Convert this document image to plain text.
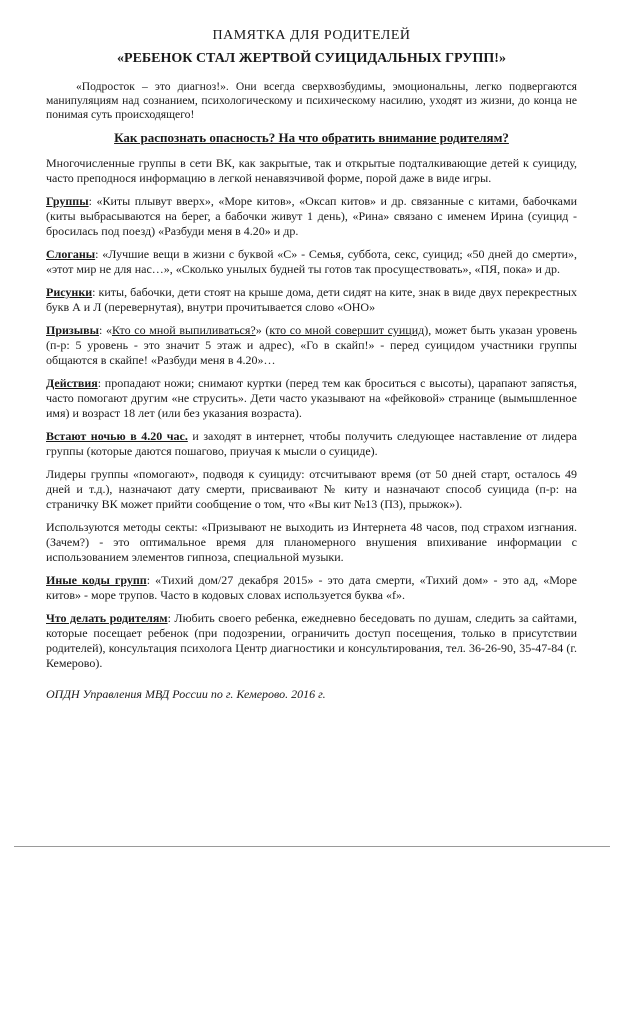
ПАМЯТКА ДЛЯ РОДИТЕЛЕЙ
«РЕБЕНОК СТАЛ ЖЕРТВОЙ СУИЦИДАЛЬНЫХ ГРУПП!»

«Подросток – это диагноз!». Они всегда сверхвозбудимы, эмоциональны, легко подвергаются манипуляциям над сознанием, психологическому и психическому насилию, уходят из жизни, до конца не понимая суть происходящего!

Как распознать опасность? На что обратить внимание родителям?

Многочисленные группы в сети ВК, как закрытые, так и открытые подталкивающие детей к суициду, часто преподнося информацию в легкой ненавязчивой форме, порой даже в виде игры.

Группы: «Киты плывут вверх», «Море китов», «Оксап китов» и др. связанные с китами, бабочками (киты выбрасываются на берег, а бабочки живут 1 день), «Рина» связано с именем Ирина (суицид - бросилась под поезд) «Разбуди меня в 4.20» и др.

Слоганы: «Лучшие вещи в жизни с буквой «С» - Семья, суббота, секс, суицид; «50 дней до смерти», «этот мир не для нас…», «Сколько унылых будней ты готов так просуществовать», «ПЯ, пока» и др.

Рисунки: киты, бабочки, дети стоят на крыше дома, дети сидят на ките, знак в виде двух перекрестных букв А и Л (перевернутая), внутри прочитывается слово «ОНО»

Призывы: «Кто со мной выпиливаться?» (кто со мной совершит суицид), может быть указан уровень (п-р: 5 уровень - это значит 5 этаж и адрес), «Го в скайп!» - перед суицидом участники группы общаются в скайпе! «Разбуди меня в 4.20»…

Действия: пропадают ножи; снимают куртки (перед тем как броситься с высоты), царапают запястья, часто помогают другим «не струсить». Дети часто указывают на «фейковой» странице (вымышленное имя) и возраст 18 лет (или без указания возраста).

Встают ночью в 4.20 час. и заходят в интернет, чтобы получить следующее наставление от лидера группы (которые даются пошагово, приучая к мысли о суициде).

Лидеры группы «помогают», подводя к суициду: отсчитывают время (от 50 дней старт, осталось 49 дней и т.д.), назначают дату смерти, присваивают № киту и назначают способ суицида (п-р: на страничку ВК может прийти сообщение о том, что «Вы кит №13 (П3), прыжок»).

Используются методы секты: «Призывают не выходить из Интернета 48 часов, под страхом изгнания. (Зачем?) - это оптимальное время для планомерного внушения впихивание информации с использованием элементов гипноза, специальной музыки.

Иные коды групп: «Тихий дом/27 декабря 2015» - это дата смерти, «Тихий дом» - это ад, «Море китов» - море трупов. Часто в кодовых словах используется буква «f».

Что делать родителям: Любить своего ребенка, ежедневно беседовать по душам, следить за сайтами, которые посещает ребенок (при подозрении, ограничить доступ посещения, только в присутствии родителей), консультация психолога Центр диагностики и консультирования, тел. 36-26-90, 35-47-84 (г. Кемерово).

ОПДН Управления МВД России по г. Кемерово. 2016 г.
